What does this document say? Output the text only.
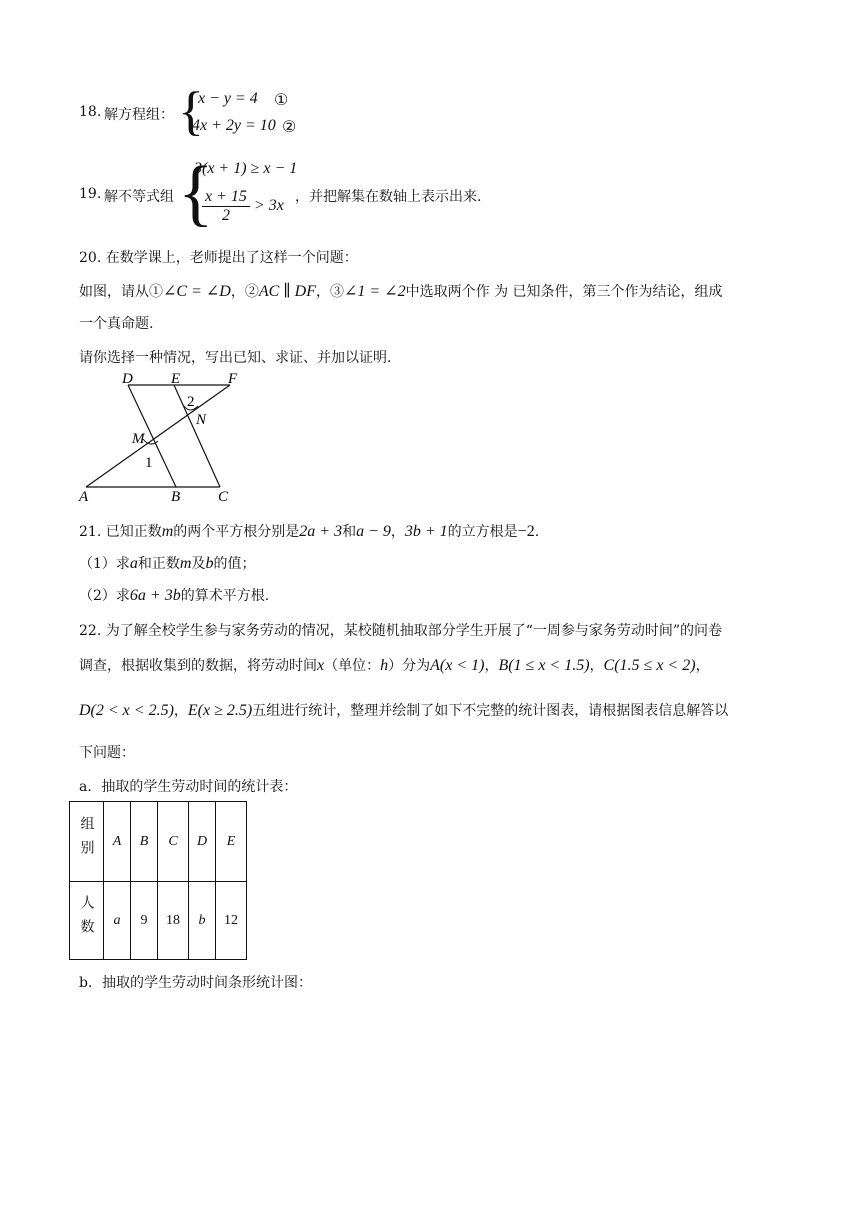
18. 解方程组： {
x − y = 4 ①
4x + 2y = 10 ②
19. 解不等式组 {
3(x + 1) ≥ x − 1
$\frac{x + 15}{2} > 3x$
，并把解集在数轴上表示出来.
20. 在数学课上，老师提出了这样一个问题：
如图，请从①∠C = ∠D，②AC ∥ DF，③∠1 = ∠2中选取两个作 为 已知条件，第三个作为结论，组成
一个真命题.
请你选择一种情况，写出已知、求证、并加以证明.
D	E	F
N
M
A	B	C
1
2
21. 已知正数m的两个平方根分别是2a + 3和a − 9，3b + 1的立方根是−2.
（1）求a和正数m及b的值；
（2）求6a + 3b的算术平方根.
22. 为了解全校学生参与家务劳动的情况，某校随机抽取部分学生开展了“一周参与家务劳动时间”的问卷
调查，根据收集到的数据，将劳动时间x（单位：h）分为A(x < 1)，B(1 ≤ x < 1.5)，C(1.5 ≤ x < 2)，
D(2 < x < 2.5)，E(x ≥ 2.5)五组进行统计，整理并绘制了如下不完整的统计图表，请根据图表信息解答以
下问题：
a．抽取的学生劳动时间的统计表：
组别	A	B	C	D	E
人数	a	9	18	b	12
b．抽取的学生劳动时间条形统计图：
